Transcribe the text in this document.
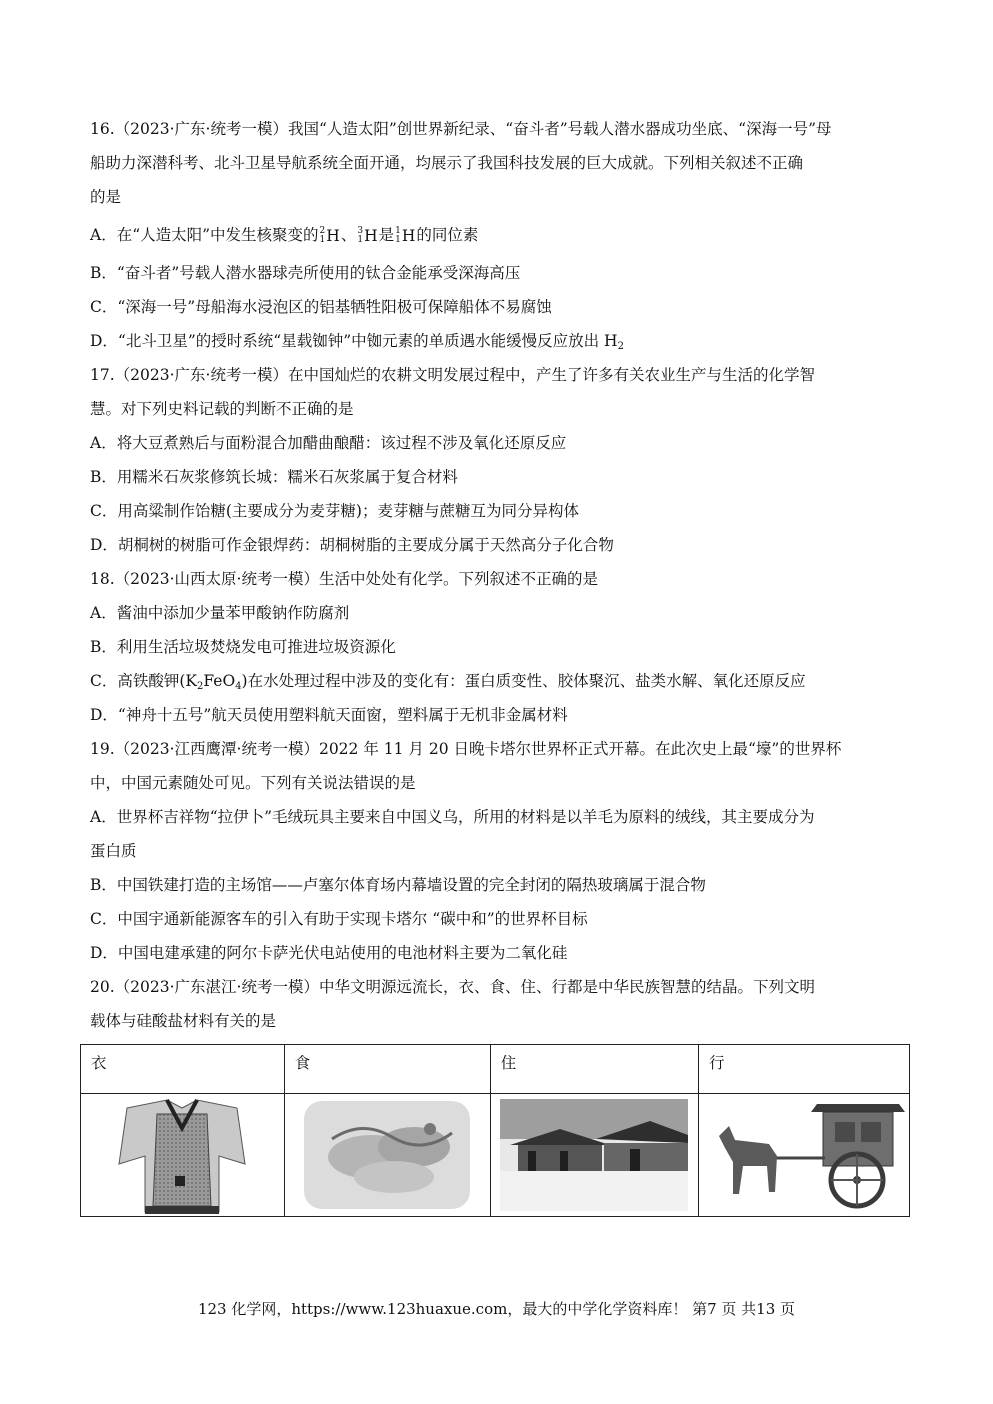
16.（2023·广东·统考一模）我国“人造太阳”创世界新纪录、“奋斗者”号载人潜水器成功坐底、“深海一号”母
船助力深潜科考、北斗卫星导航系统全面开通，均展示了我国科技发展的巨大成就。下列相关叙述不正确
的是
A．在“人造太阳”中发生核聚变的 2
1 H 、 3
1 H 是 1
1 H 的同位素
B．“奋斗者”号载人潜水器球壳所使用的钛合金能承受深海高压
C．“深海一号”母船海水浸泡区的铝基牺牲阳极可保障船体不易腐蚀
D．“北斗卫星”的授时系统“星载铷钟”中铷元素的单质遇水能缓慢反应放出 $H_2$
17.（2023·广东·统考一模）在中国灿烂的农耕文明发展过程中，产生了许多有关农业生产与生活的化学智
慧。对下列史料记载的判断不正确的是
A．将大豆煮熟后与面粉混合加醋曲酿醋：该过程不涉及氧化还原反应
B．用糯米石灰浆修筑长城：糯米石灰浆属于复合材料
C．用高粱制作饴糖(主要成分为麦芽糖)；麦芽糖与蔗糖互为同分异构体
D．胡桐树的树脂可作金银焊药：胡桐树脂的主要成分属于天然高分子化合物
18.（2023·山西太原·统考一模）生活中处处有化学。下列叙述不正确的是
A．酱油中添加少量苯甲酸钠作防腐剂
B．利用生活垃圾焚烧发电可推进垃圾资源化
C．高铁酸钾$(K_2FeO_4)$在水处理过程中涉及的变化有：蛋白质变性、胶体聚沉、盐类水解、氧化还原反应
D．“神舟十五号”航天员使用塑料航天面窗，塑料属于无机非金属材料
19.（2023·江西鹰潭·统考一模）2022 年 11 月 20 日晚卡塔尔世界杯正式开幕。在此次史上最“壕”的世界杯
中，中国元素随处可见。下列有关说法错误的是
A．世界杯吉祥物“拉伊卜”毛绒玩具主要来自中国义乌，所用的材料是以羊毛为原料的绒线，其主要成分为
蛋白质
B．中国铁建打造的主场馆——卢塞尔体育场内幕墙设置的完全封闭的隔热玻璃属于混合物
C．中国宇通新能源客车的引入有助于实现卡塔尔 “碳中和”的世界杯目标
D．中国电建承建的阿尔卡萨光伏电站使用的电池材料主要为二氧化硅
20.（2023·广东湛江·统考一模）中华文明源远流长，衣、食、住、行都是中华民族智慧的结晶。下列文明
载体与硅酸盐材料有关的是
衣	食	住	行

123 化学网，https://www.123huaxue.com，最大的中学化学资料库！ 第7 页 共13 页
